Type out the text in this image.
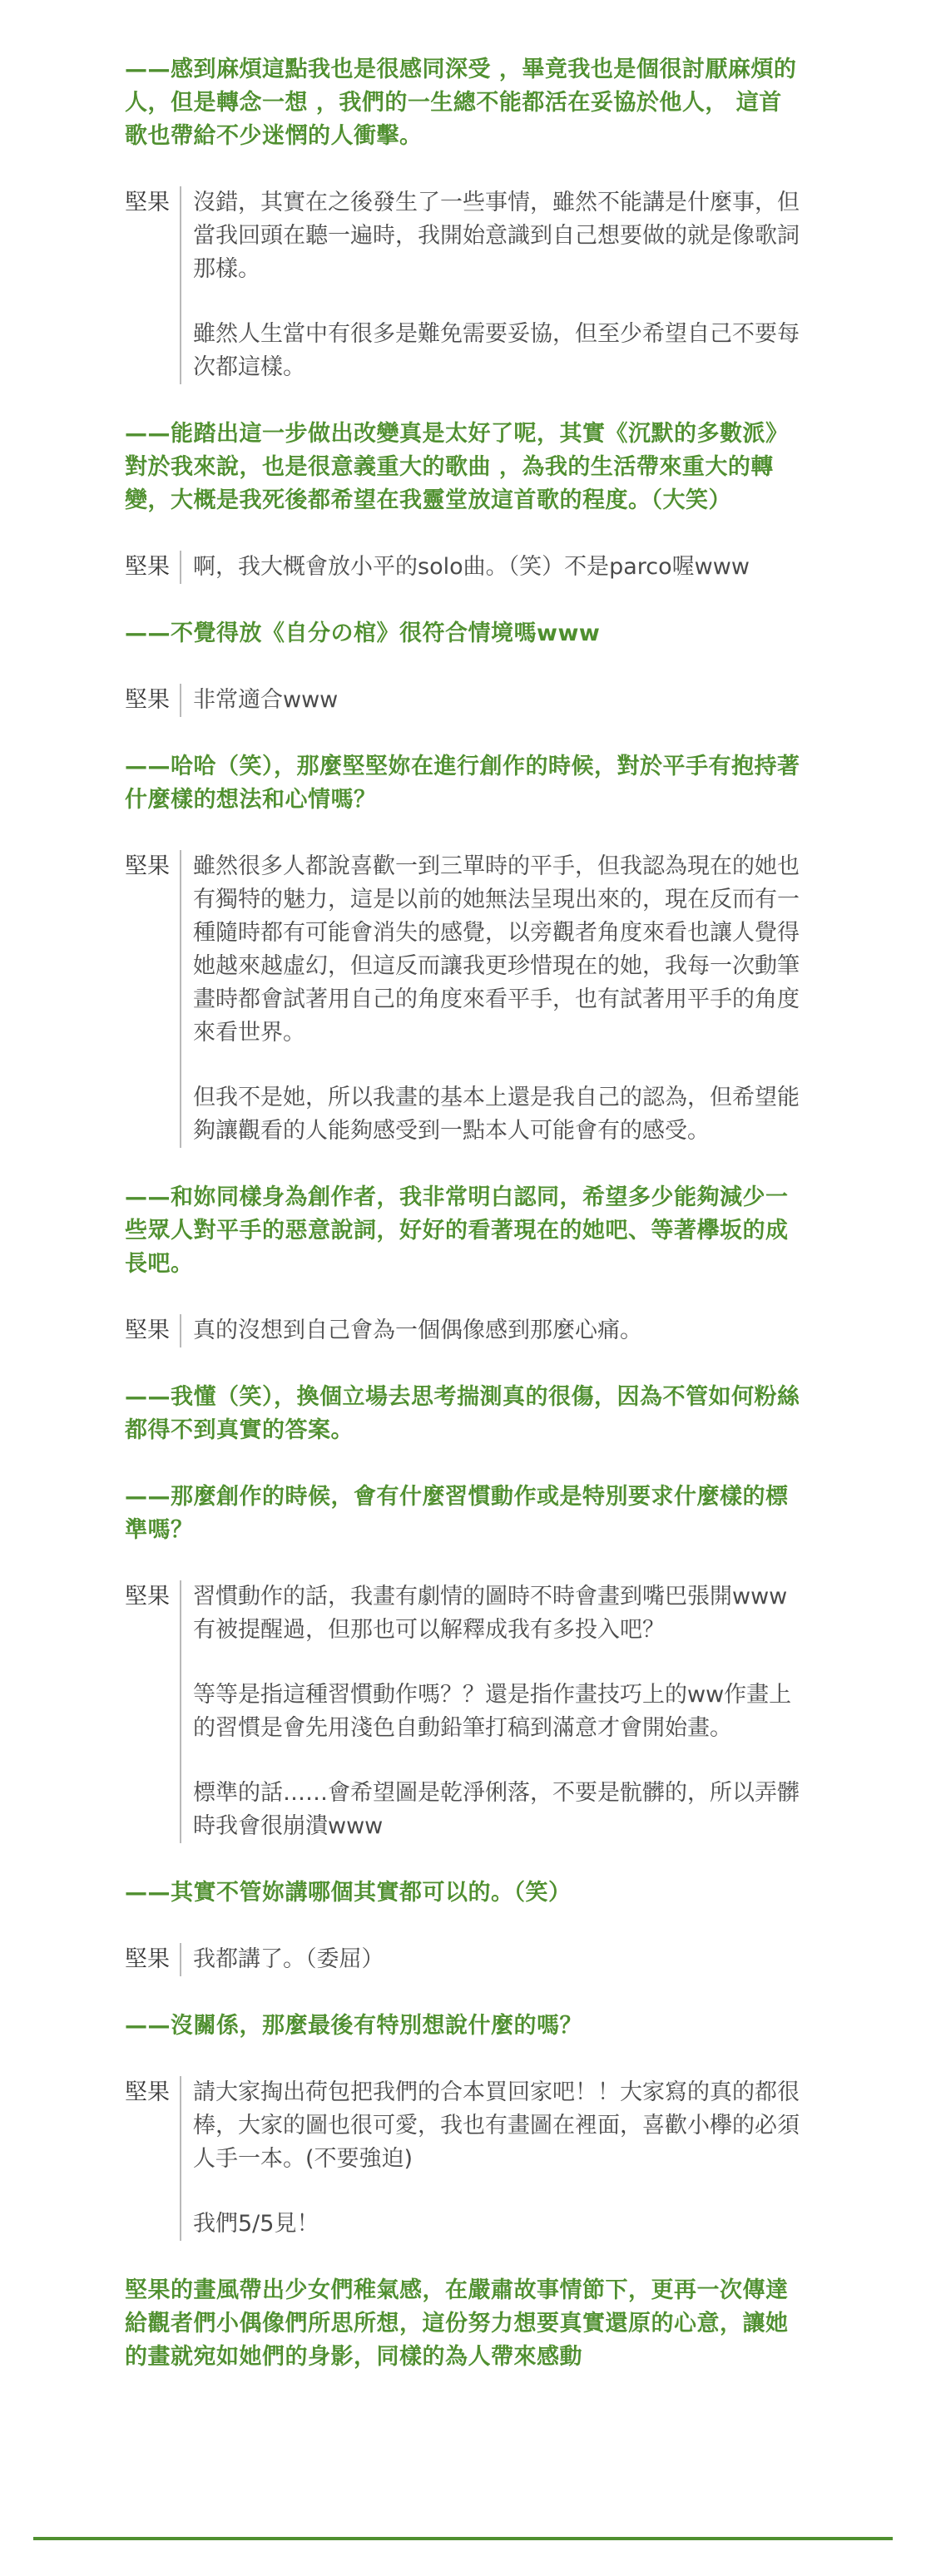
——感到麻煩這點我也是很感同深受 ，畢竟我也是個很討厭麻煩的人，但是轉念一想 ，我們的一生總不能都活在妥協於他人， 這首歌也帶給不少迷惘的人衝擊。

堅果	沒錯，其實在之後發生了一些事情，雖然不能講是什麼事，但當我回頭在聽一遍時，我開始意識到自己想要做的就是像歌詞那樣。

雖然人生當中有很多是難免需要妥協，但至少希望自己不要每次都這樣。

——能踏出這一步做出改變真是太好了呢，其實《沉默的多數派》對於我來說，也是很意義重大的歌曲 ，為我的生活帶來重大的轉變，大概是我死後都希望在我靈堂放這首歌的程度。（大笑）

堅果	啊，我大概會放小平的solo曲。（笑）不是parco喔www

——不覺得放《自分の棺》很符合情境嗎www

堅果	非常適合www

——哈哈（笑），那麼堅堅妳在進行創作的時候，對於平手有抱持著什麼樣的想法和心情嗎？

堅果	雖然很多人都說喜歡一到三單時的平手，但我認為現在的她也有獨特的魅力，這是以前的她無法呈現出來的，現在反而有一種隨時都有可能會消失的感覺，以旁觀者角度來看也讓人覺得她越來越虛幻，但這反而讓我更珍惜現在的她，我每一次動筆畫時都會試著用自己的角度來看平手，也有試著用平手的角度來看世界。

但我不是她，所以我畫的基本上還是我自己的認為，但希望能夠讓觀看的人能夠感受到一點本人可能會有的感受。

——和妳同樣身為創作者，我非常明白認同，希望多少能夠減少一些眾人對平手的惡意說詞，好好的看著現在的她吧、等著欅坂的成長吧。

堅果	真的沒想到自己會為一個偶像感到那麼心痛。

——我懂（笑），換個立場去思考揣測真的很傷，因為不管如何粉絲都得不到真實的答案。

——那麼創作的時候，會有什麼習慣動作或是特別要求什麼樣的標準嗎？

堅果	習慣動作的話，我畫有劇情的圖時不時會畫到嘴巴張開www有被提醒過，但那也可以解釋成我有多投入吧？

等等是指這種習慣動作嗎？？還是指作畫技巧上的ww作畫上的習慣是會先用淺色自動鉛筆打稿到滿意才會開始畫。

標準的話……會希望圖是乾淨俐落，不要是骯髒的，所以弄髒時我會很崩潰www

——其實不管妳講哪個其實都可以的。（笑）

堅果	我都講了。（委屈）

——沒關係，那麼最後有特別想說什麼的嗎？

堅果	請大家掏出荷包把我們的合本買回家吧！！大家寫的真的都很棒，大家的圖也很可愛，我也有畫圖在裡面，喜歡小欅的必須人手一本。(不要強迫)

我們5/5見！

堅果的畫風帶出少女們稚氣感，在嚴肅故事情節下，更再一次傳達給觀者們小偶像們所思所想，這份努力想要真實還原的心意，讓她的畫就宛如她們的身影，同樣的為人帶來感動
